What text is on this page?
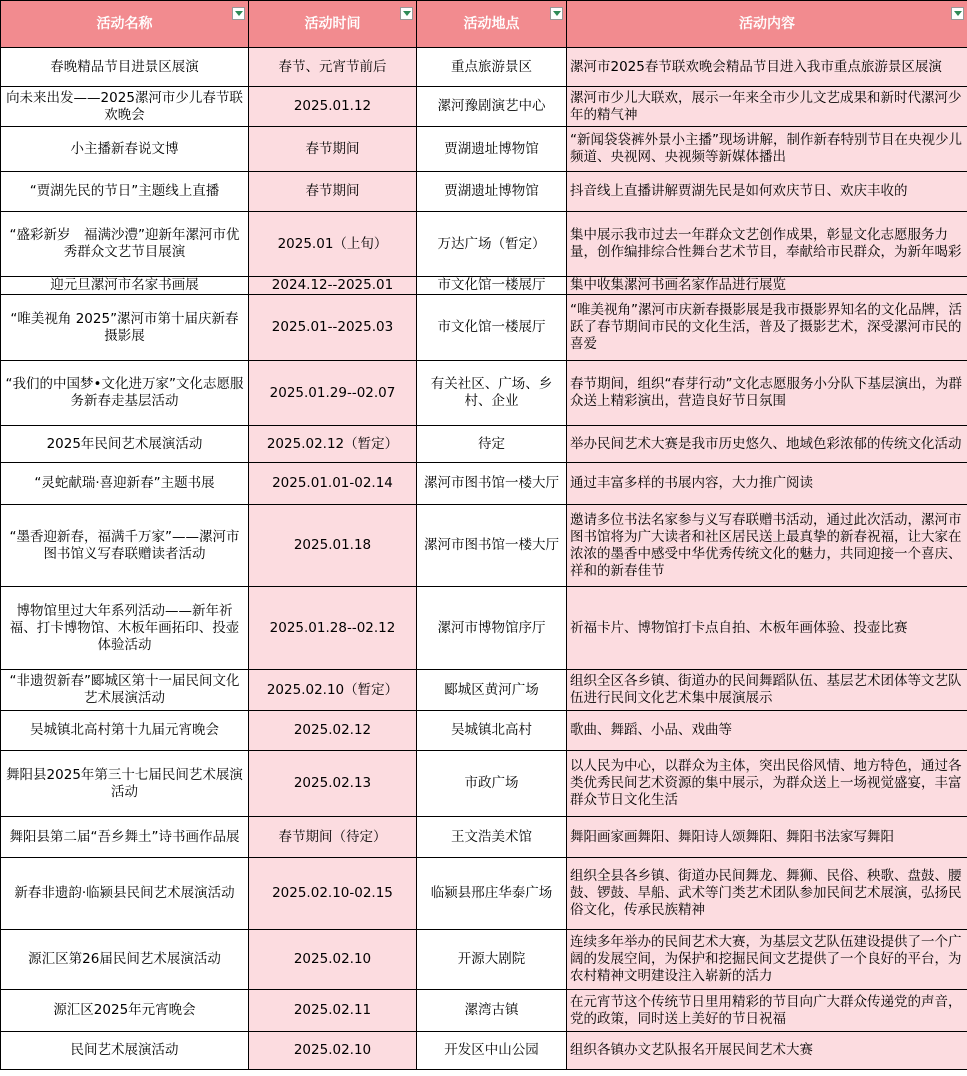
活动名称	活动时间	活动地点	活动内容

春晚精品节目进景区展演	春节、元宵节前后	重点旅游景区	漯河市2025春节联欢晚会精品节目进入我市重点旅游景区展演
向未来出发——2025漯河市少儿春节联欢晚会	2025.01.12	漯河豫剧演艺中心	漯河市少儿大联欢，展示一年来全市少儿文艺成果和新时代漯河少年的精气神
小主播新春说文博	春节期间	贾湖遗址博物馆	“新闻袋袋裤外景小主播”现场讲解，制作新春特别节目在央视少儿频道、央视网、央视频等新媒体播出
“贾湖先民的节日”主题线上直播	春节期间	贾湖遗址博物馆	抖音线上直播讲解贾湖先民是如何欢庆节日、欢庆丰收的
“盛彩新岁　福满沙澧”迎新年漯河市优秀群众文艺节目展演	2025.01（上旬）	万达广场（暂定）	集中展示我市过去一年群众文艺创作成果，彰显文化志愿服务力量，创作编排综合性舞台艺术节目，奉献给市民群众，为新年喝彩
迎元旦漯河市名家书画展	2024.12--2025.01	市文化馆一楼展厅	集中收集漯河书画名家作品进行展览
“唯美视角 2025”漯河市第十届庆新春摄影展	2025.01--2025.03	市文化馆一楼展厅	“唯美视角”漯河市庆新春摄影展是我市摄影界知名的文化品牌，活跃了春节期间市民的文化生活，普及了摄影艺术，深受漯河市民的喜爱
“我们的中国梦•文化进万家”文化志愿服务新春走基层活动	2025.01.29--02.07	有关社区、广场、乡村、企业	春节期间，组织“春芽行动”文化志愿服务小分队下基层演出，为群众送上精彩演出，营造良好节日氛围
2025年民间艺术展演活动	2025.02.12（暂定）	待定	举办民间艺术大赛是我市历史悠久、地域色彩浓郁的传统文化活动
“灵蛇献瑞·喜迎新春”主题书展	2025.01.01-02.14	漯河市图书馆一楼大厅	通过丰富多样的书展内容，大力推广阅读
“墨香迎新春，福满千万家”——漯河市图书馆义写春联赠读者活动	2025.01.18	漯河市图书馆一楼大厅	邀请多位书法名家参与义写春联赠书活动，通过此次活动，漯河市图书馆将为广大读者和社区居民送上最真挚的新春祝福，让大家在浓浓的墨香中感受中华优秀传统文化的魅力，共同迎接一个喜庆、祥和的新春佳节
博物馆里过大年系列活动——新年祈福、打卡博物馆、木板年画拓印、投壶体验活动	2025.01.28--02.12	漯河市博物馆序厅	祈福卡片、博物馆打卡点自拍、木板年画体验、投壶比赛
“非遗贺新春”郾城区第十一届民间文化艺术展演活动	2025.02.10（暂定）	郾城区黄河广场	组织全区各乡镇、街道办的民间舞蹈队伍、基层艺术团体等文艺队伍进行民间文化艺术集中展演展示
吴城镇北高村第十九届元宵晚会	2025.02.12	吴城镇北高村	歌曲、舞蹈、小品、戏曲等
舞阳县2025年第三十七届民间艺术展演活动	2025.02.13	市政广场	以人民为中心，以群众为主体，突出民俗风情、地方特色，通过各类优秀民间艺术资源的集中展示，为群众送上一场视觉盛宴，丰富群众节日文化生活
舞阳县第二届“吾乡舞土”诗书画作品展	春节期间（待定）	王文浩美术馆	舞阳画家画舞阳、舞阳诗人颂舞阳、舞阳书法家写舞阳
新春非遗韵·临颍县民间艺术展演活动	2025.02.10-02.15	临颍县邢庄华泰广场	组织全县各乡镇、街道办民间舞龙、舞狮、民俗、秧歌、盘鼓、腰鼓、锣鼓、旱船、武术等门类艺术团队参加民间艺术展演，弘扬民俗文化，传承民族精神
源汇区第26届民间艺术展演活动	2025.02.10	开源大剧院	连续多年举办的民间艺术大赛，为基层文艺队伍建设提供了一个广阔的发展空间，为保护和挖掘民间文艺提供了一个良好的平台，为农村精神文明建设注入崭新的活力
源汇区2025年元宵晚会	2025.02.11	漯湾古镇	在元宵节这个传统节日里用精彩的节目向广大群众传递党的声音，党的政策，同时送上美好的节日祝福
民间艺术展演活动	2025.02.10	开发区中山公园	组织各镇办文艺队报名开展民间艺术大赛
